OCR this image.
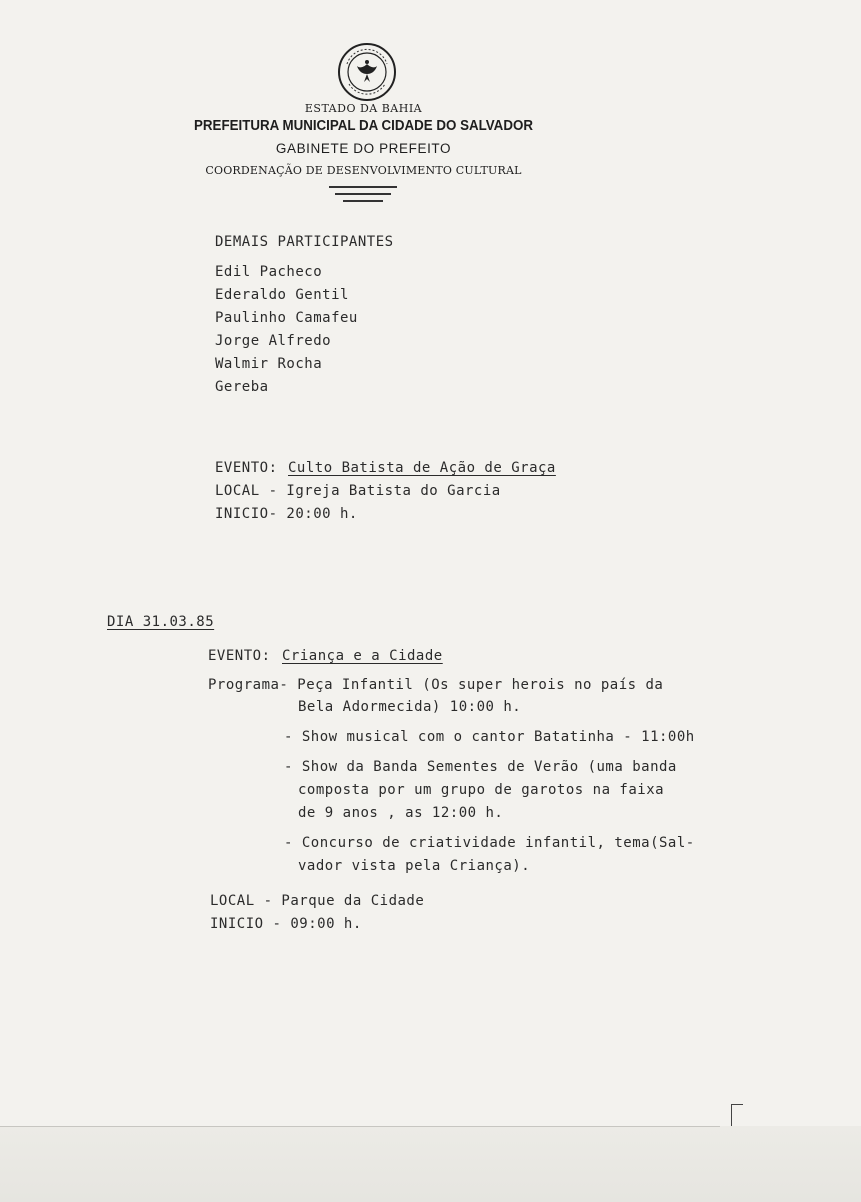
ESTADO DA BAHIA
PREFEITURA MUNICIPAL DA CIDADE DO SALVADOR
GABINETE DO PREFEITO
COORDENAÇÃO DE DESENVOLVIMENTO CULTURAL
DEMAIS PARTICIPANTES
Edil Pacheco
Ederaldo Gentil
Paulinho Camafeu
Jorge Alfredo
Walmir Rocha
Gereba
EVENTO: Culto Batista de Ação de Graça
LOCAL - Igreja Batista do Garcia
INICIO- 20:00 h.
DIA 31.03.85
EVENTO: Criança e a Cidade
Programa- Peça Infantil (Os super herois no país da
Bela Adormecida) 10:00 h.
- Show musical com o cantor Batatinha - 11:00h
- Show da Banda Sementes de Verão (uma banda
composta por um grupo de garotos na faixa
de 9 anos , as 12:00 h.
- Concurso de criatividade infantil, tema(Sal-
vador vista pela Criança).
LOCAL - Parque da Cidade
INICIO - 09:00 h.
